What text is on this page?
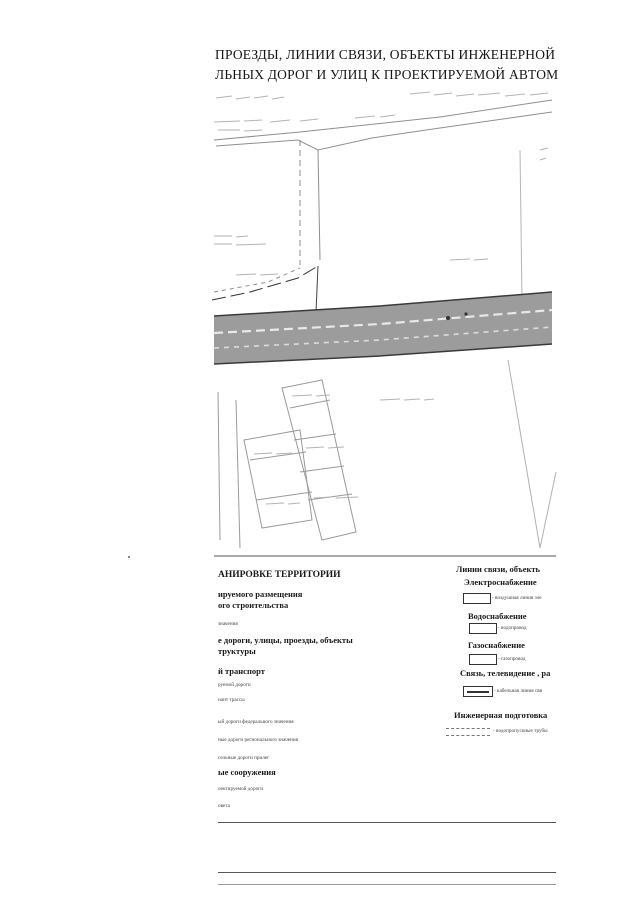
ПРОЕЗДЫ, ЛИНИИ СВЯЗИ, ОБЪЕКТЫ ИНЖЕНЕРНОЙ
ЛЬНЫХ ДОРОГ И УЛИЦ К ПРОЕКТИРУЕМОЙ АВТОМ
АНИРОВКЕ ТЕРРИТОРИИ
ируемого размещения
ого строительства
значения
е дороги, улицы, проезды, объекты
труктуры
й транспорт
руемой дороги
нант трассы
ый дороги федерального значения
ные дороги регионального значения
сельные дороги прилег
ые сооружения
оектируемой дороги
овета
Линии связи, объекть
Электроснабжение
- воздушная линия эле
Водоснабжение
- водопровод
Газоснабжение
- газопровод
Связь, телевидение , ра
- кабельная линия свя
Инженерная подготовка
- водопропускные трубы
